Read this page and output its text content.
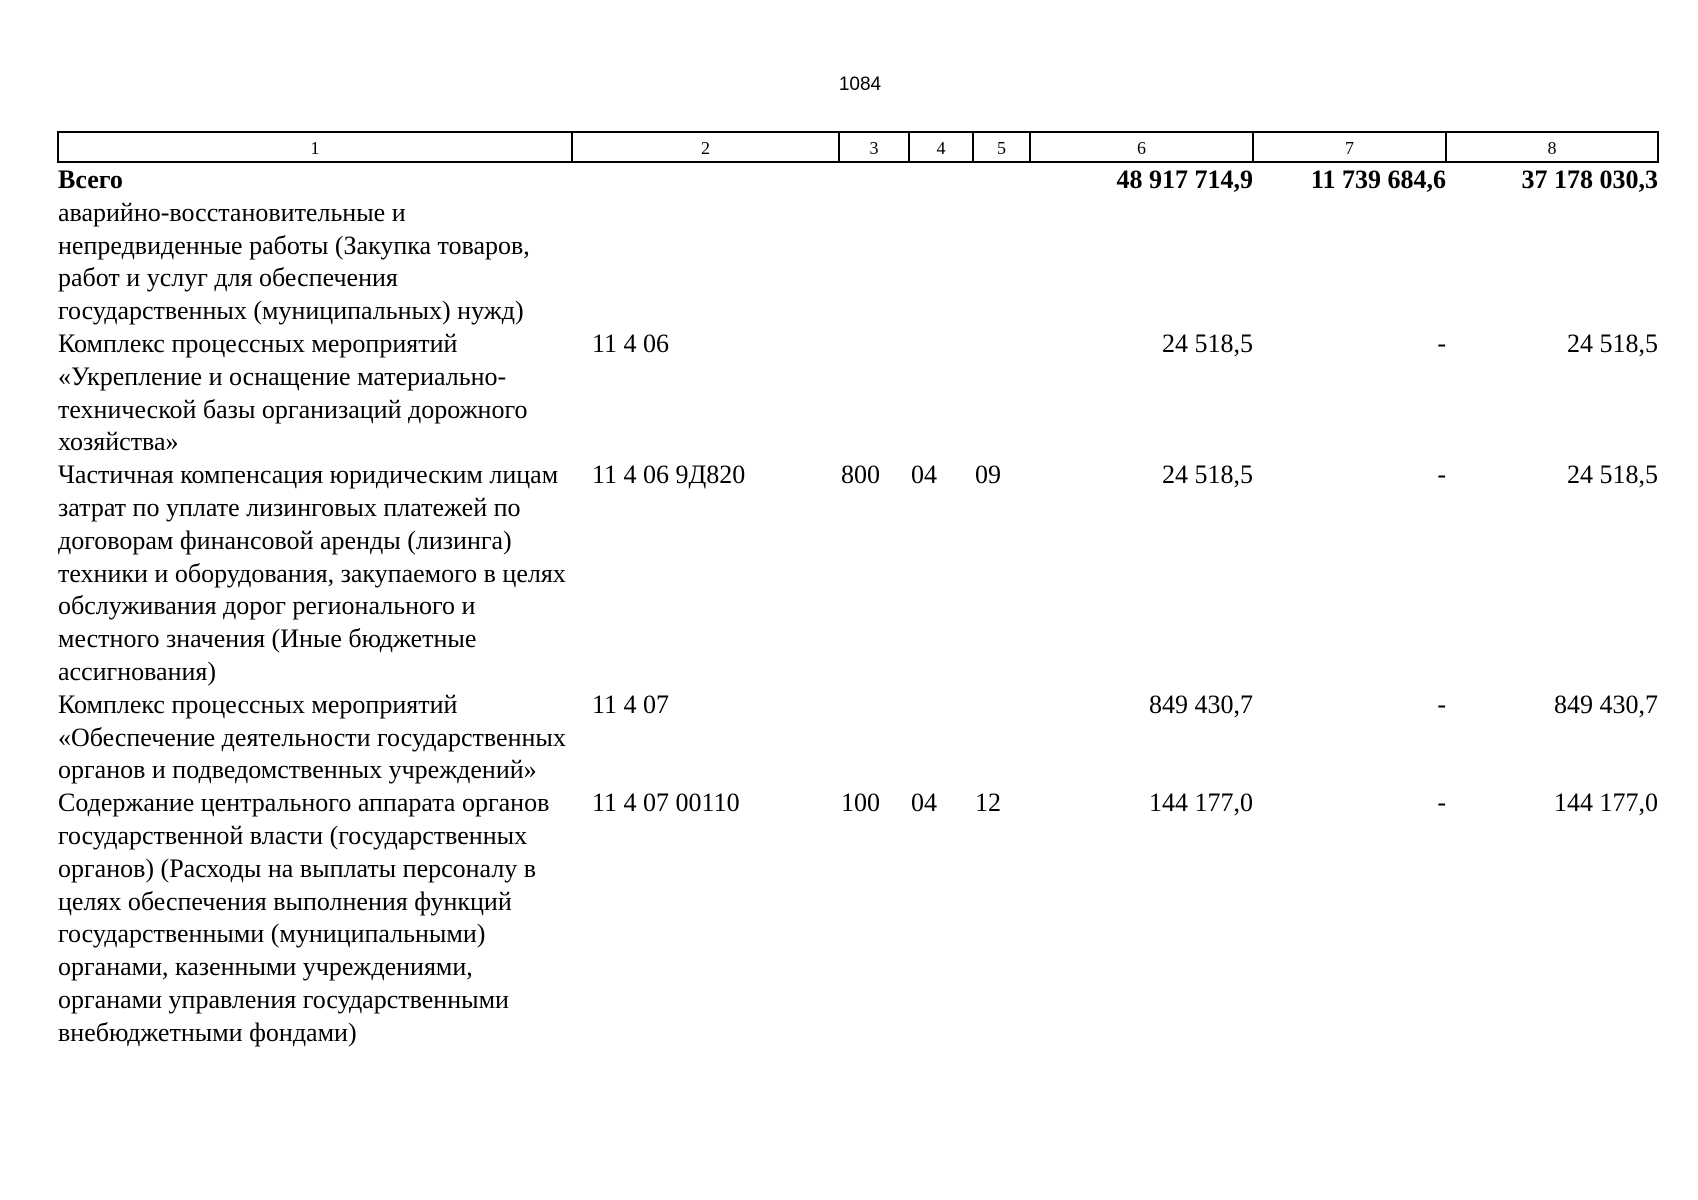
1084
1	2	3	4	5	6	7	8
Всего					48 917 714,9	11 739 684,6	37 178 030,3
аварийно-восстановительные и непредвиденные работы (Закупка товаров, работ и услуг для обеспечения государственных (муниципальных) нужд)							
Комплекс процессных мероприятий «Укрепление и оснащение материально-технической базы организаций дорожного хозяйства»	11 4 06				24 518,5	-	24 518,5
Частичная компенсация юридическим лицам затрат по уплате лизинговых платежей по договорам финансовой аренды (лизинга) техники и оборудования, закупаемого в целях обслуживания дорог регионального и местного значения (Иные бюджетные ассигнования)	11 4 06 9Д820	800	04	09	24 518,5	-	24 518,5
Комплекс процессных мероприятий «Обеспечение деятельности государственных органов и подведомственных учреждений»	11 4 07				849 430,7	-	849 430,7
Содержание центрального аппарата органов государственной власти (государственных органов) (Расходы на выплаты персоналу в целях обеспечения выполнения функций государственными (муниципальными) органами, казенными учреждениями, органами управления государственными внебюджетными фондами)	11 4 07 00110	100	04	12	144 177,0	-	144 177,0
